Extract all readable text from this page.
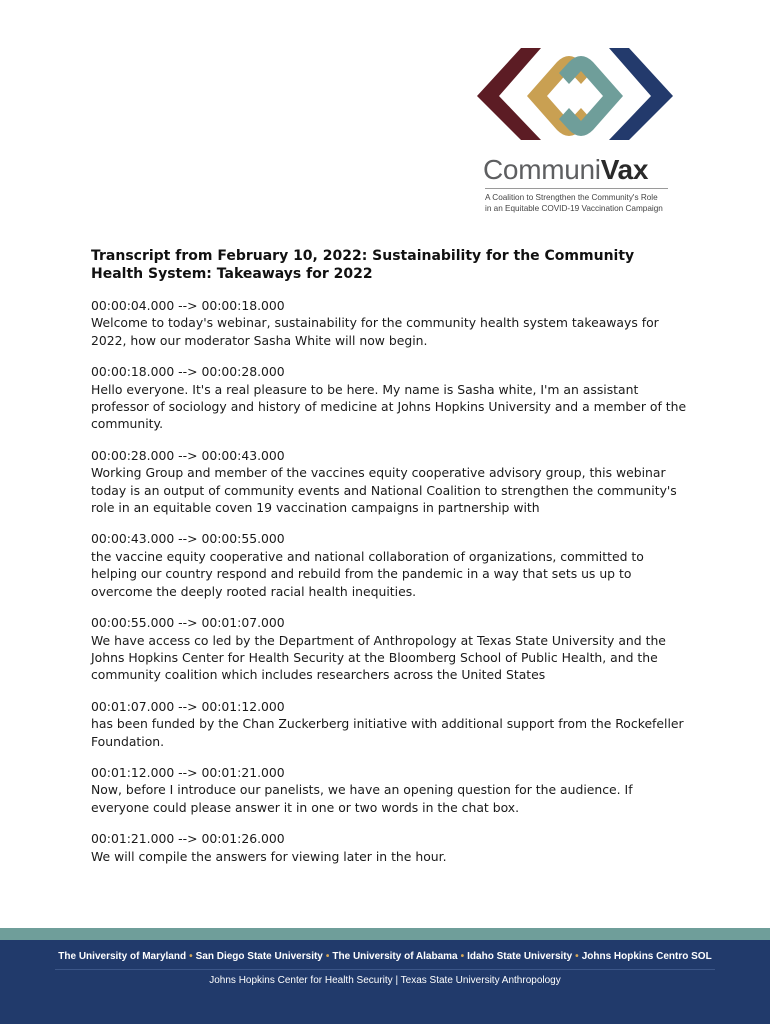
CommuniVax
A Coalition to Strengthen the Community's Role
in an Equitable COVID-19 Vaccination Campaign
Transcript from February 10, 2022: Sustainability for the Community Health System: Takeaways for 2022
00:00:04.000 --> 00:00:18.000
Welcome to today's webinar, sustainability for the community health system takeaways for 2022, how our moderator Sasha White will now begin.
00:00:18.000 --> 00:00:28.000
Hello everyone. It's a real pleasure to be here. My name is Sasha white, I'm an assistant professor of sociology and history of medicine at Johns Hopkins University and a member of the community.
00:00:28.000 --> 00:00:43.000
Working Group and member of the vaccines equity cooperative advisory group, this webinar today is an output of community events and National Coalition to strengthen the community's role in an equitable coven 19 vaccination campaigns in partnership with
00:00:43.000 --> 00:00:55.000
the vaccine equity cooperative and national collaboration of organizations, committed to helping our country respond and rebuild from the pandemic in a way that sets us up to overcome the deeply rooted racial health inequities.
00:00:55.000 --> 00:01:07.000
We have access co led by the Department of Anthropology at Texas State University and the Johns Hopkins Center for Health Security at the Bloomberg School of Public Health, and the community coalition which includes researchers across the United States
00:01:07.000 --> 00:01:12.000
has been funded by the Chan Zuckerberg initiative with additional support from the Rockefeller Foundation.
00:01:12.000 --> 00:01:21.000
Now, before I introduce our panelists, we have an opening question for the audience. If everyone could please answer it in one or two words in the chat box.
00:01:21.000 --> 00:01:26.000
We will compile the answers for viewing later in the hour.
The University of Maryland • San Diego State University • The University of Alabama • Idaho State University • Johns Hopkins Centro SOL
Johns Hopkins Center for Health Security | Texas State University Anthropology
